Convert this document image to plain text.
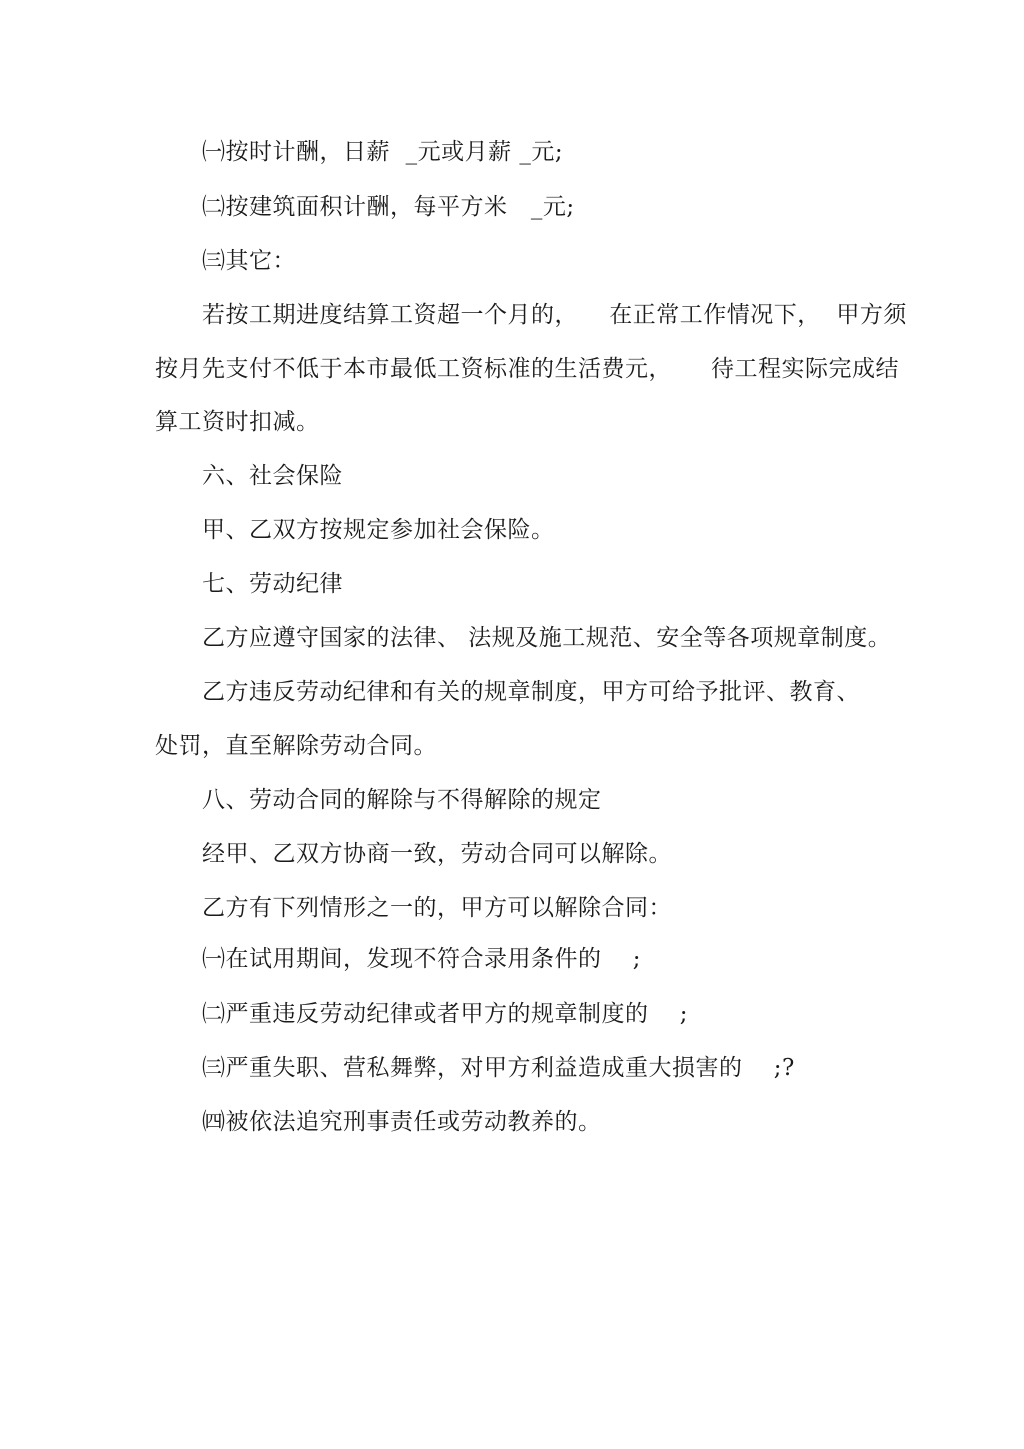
㈠按时计酬，日薪  _元或月薪 _元;
㈡按建筑面积计酬，每平方米   _元;
㈢其它：
若按工期进度结算工资超一个月的，    在正常工作情况下，  甲方须
按月先支付不低于本市最低工资标准的生活费元，     待工程实际完成结
算工资时扣减。
六、社会保险
甲、乙双方按规定参加社会保险。
七、劳动纪律
乙方应遵守国家的法律、 法规及施工规范、安全等各项规章制度。
乙方违反劳动纪律和有关的规章制度，甲方可给予批评、教育、
处罚，直至解除劳动合同。
八、劳动合同的解除与不得解除的规定
经甲、乙双方协商一致，劳动合同可以解除。
乙方有下列情形之一的，甲方可以解除合同：
㈠在试用期间，发现不符合录用条件的    ;
㈡严重违反劳动纪律或者甲方的规章制度的    ;
㈢严重失职、营私舞弊，对甲方利益造成重大损害的    ;?
㈣被依法追究刑事责任或劳动教养的。
